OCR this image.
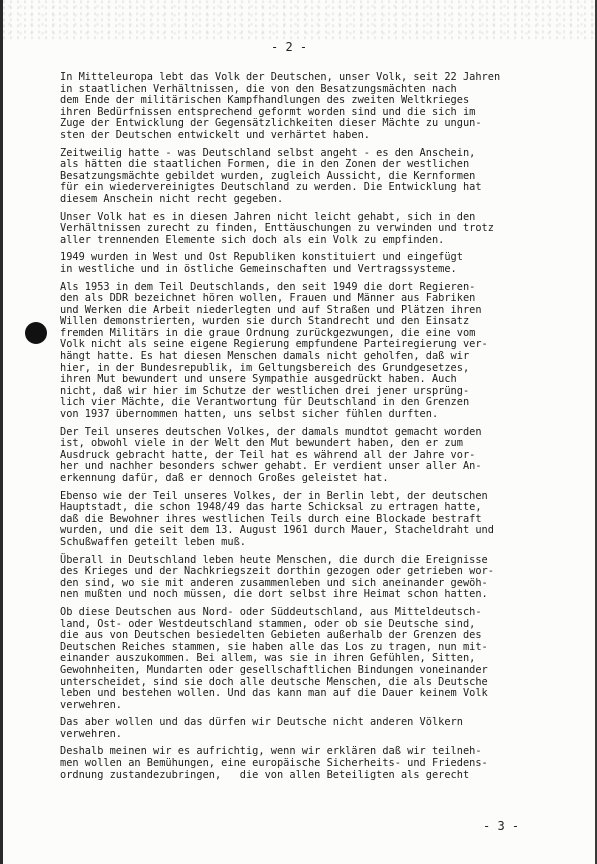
- 2 -
In Mitteleuropa lebt das Volk der Deutschen, unser Volk, seit 22 Jahren
in staatlichen Verhältnissen, die von den Besatzungsmächten nach
dem Ende der militärischen Kampfhandlungen des zweiten Weltkrieges
ihren Bedürfnissen entsprechend geformt worden sind und die sich im
Zuge der Entwicklung der Gegensätzlichkeiten dieser Mächte zu ungun-
sten der Deutschen entwickelt und verhärtet haben.
Zeitweilig hatte - was Deutschland selbst angeht - es den Anschein,
als hätten die staatlichen Formen, die in den Zonen der westlichen
Besatzungsmächte gebildet wurden, zugleich Aussicht, die Kernformen
für ein wiedervereinigtes Deutschland zu werden. Die Entwicklung hat
diesem Anschein nicht recht gegeben.
Unser Volk hat es in diesen Jahren nicht leicht gehabt, sich in den
Verhältnissen zurecht zu finden, Enttäuschungen zu verwinden und trotz
aller trennenden Elemente sich doch als ein Volk zu empfinden.
1949 wurden in West und Ost Republiken konstituiert und eingefügt
in westliche und in östliche Gemeinschaften und Vertragssysteme.
Als 1953 in dem Teil Deutschlands, den seit 1949 die dort Regieren-
den als DDR bezeichnet hören wollen, Frauen und Männer aus Fabriken
und Werken die Arbeit niederlegten und auf Straßen und Plätzen ihren
Willen demonstrierten, wurden sie durch Standrecht und den Einsatz
fremden Militärs in die graue Ordnung zurückgezwungen, die eine vom
Volk nicht als seine eigene Regierung empfundene Parteiregierung ver-
hängt hatte. Es hat diesen Menschen damals nicht geholfen, daß wir
hier, in der Bundesrepublik, im Geltungsbereich des Grundgesetzes,
ihren Mut bewundert und unsere Sympathie ausgedrückt haben. Auch
nicht, daß wir hier im Schutze der westlichen drei jener ursprüng-
lich vier Mächte, die Verantwortung für Deutschland in den Grenzen
von 1937 übernommen hatten, uns selbst sicher fühlen durften.
Der Teil unseres deutschen Volkes, der damals mundtot gemacht worden
ist, obwohl viele in der Welt den Mut bewundert haben, den er zum
Ausdruck gebracht hatte, der Teil hat es während all der Jahre vor-
her und nachher besonders schwer gehabt. Er verdient unser aller An-
erkennung dafür, daß er dennoch Großes geleistet hat.
Ebenso wie der Teil unseres Volkes, der in Berlin lebt, der deutschen
Hauptstadt, die schon 1948/49 das harte Schicksal zu ertragen hatte,
daß die Bewohner ihres westlichen Teils durch eine Blockade bestraft
wurden, und die seit dem 13. August 1961 durch Mauer, Stacheldraht und
Schußwaffen geteilt leben muß.
Überall in Deutschland leben heute Menschen, die durch die Ereignisse
des Krieges und der Nachkriegszeit dorthin gezogen oder getrieben wor-
den sind, wo sie mit anderen zusammenleben und sich aneinander gewöh-
nen mußten und noch müssen, die dort selbst ihre Heimat schon hatten.
Ob diese Deutschen aus Nord- oder Süddeutschland, aus Mitteldeutsch-
land, Ost- oder Westdeutschland stammen, oder ob sie Deutsche sind,
die aus von Deutschen besiedelten Gebieten außerhalb der Grenzen des
Deutschen Reiches stammen, sie haben alle das Los zu tragen, nun mit-
einander auszukommen. Bei allem, was sie in ihren Gefühlen, Sitten,
Gewohnheiten, Mundarten oder gesellschaftlichen Bindungen voneinander
unterscheidet, sind sie doch alle deutsche Menschen, die als Deutsche
leben und bestehen wollen. Und das kann man auf die Dauer keinem Volk
verwehren.
Das aber wollen und das dürfen wir Deutsche nicht anderen Völkern
verwehren.
Deshalb meinen wir es aufrichtig, wenn wir erklären daß wir teilneh-
men wollen an Bemühungen, eine europäische Sicherheits- und Friedens-
ordnung zustandezubringen,   die von allen Beteiligten als gerecht
- 3 -
